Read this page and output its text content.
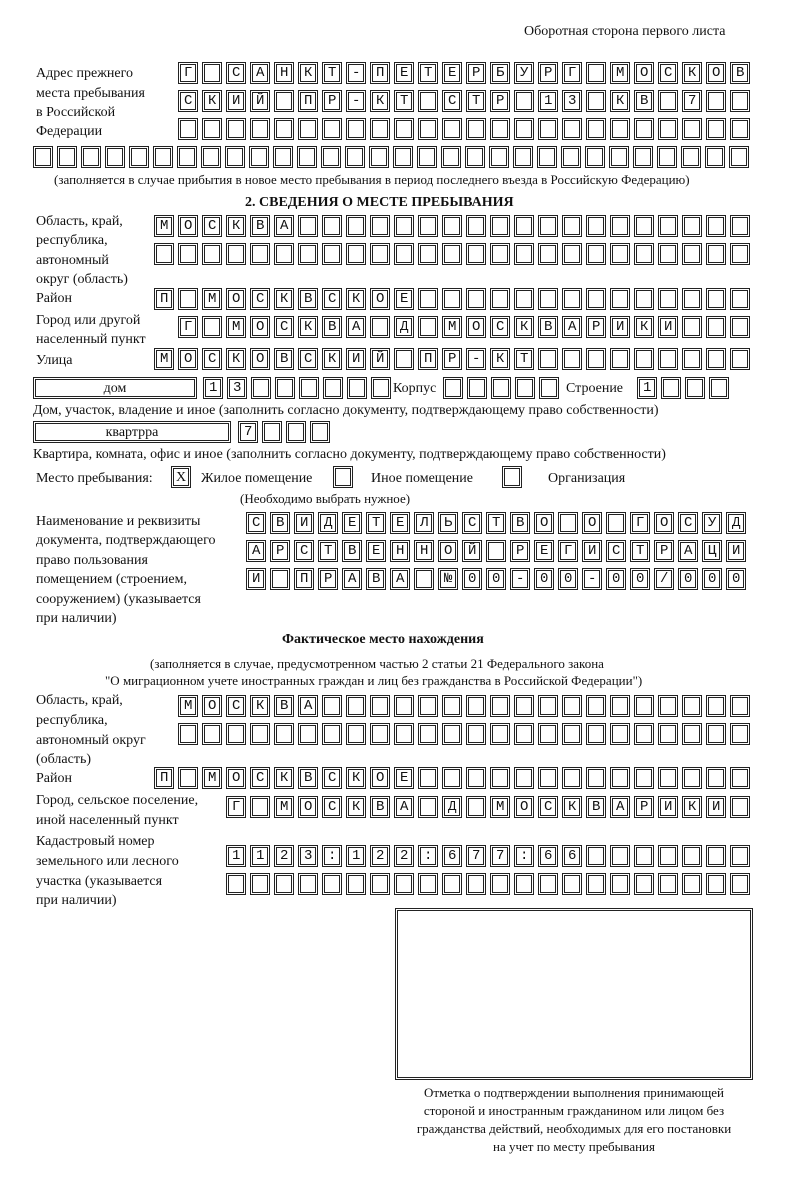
Оборотная сторона первого листа
Адрес прежнего
места пребывания
в Российской
Федерации
Г САНКТ-ПЕТЕРБУРГ МОСКОВ
СКИЙ ПР-КТ СТР 13 КВ 7

(заполняется в случае прибытия в новое место пребывания в период последнего въезда в Российскую Федерацию)
2. СВЕДЕНИЯ О МЕСТЕ ПРЕБЫВАНИЯ
Область, край,
республика,
автономный
округ (область)
МОСКВА

Район	П МОСКВСКОЕ
Город или другой
населенный пункт
Г МОСКВА Д МОСКВАРИКИ
Улица	МОСКОВСКИЙ ПР-КТ
дом	13
Корпус
	Строение	1
Дом, участок, владение и иное (заполнить согласно документу, подтверждающему право собственности)
квартрра	7
Квартира, комната, офис и иное (заполнить согласно документу, подтверждающему право собственности)
Место пребывания:	X	Жилое помещение	Иное помещение	Организация
(Необходимо выбрать нужное)
Наименование и реквизиты
документа, подтверждающего
право пользования
помещением (строением,
сооружением) (указывается
при наличии)
СВИДЕТЕЛЬСТВО О ГОСУД
АРСТВЕННОЙ РЕГИСТРАЦИ
И ПРАВА №00-00-00/000
Фактическое место нахождения
(заполняется в случае, предусмотренном частью 2 статьи 21 Федерального закона
"О миграционном учете иностранных граждан и лиц без гражданства в Российской Федерации")
Область, край,
республика,
автономный округ
(область)
МОСКВА

Район	П МОСКВСКОЕ
Город, сельское поселение,
иной населенный пункт
Г МОСКВА Д МОСКВАРИКИ
Кадастровый номер
земельного или лесного
участка (указывается
при наличии)
1123:122:677:66

Отметка о подтверждении выполнения принимающей
стороной и иностранным гражданином или лицом без
гражданства действий, необходимых для его постановки
на учет по месту пребывания
